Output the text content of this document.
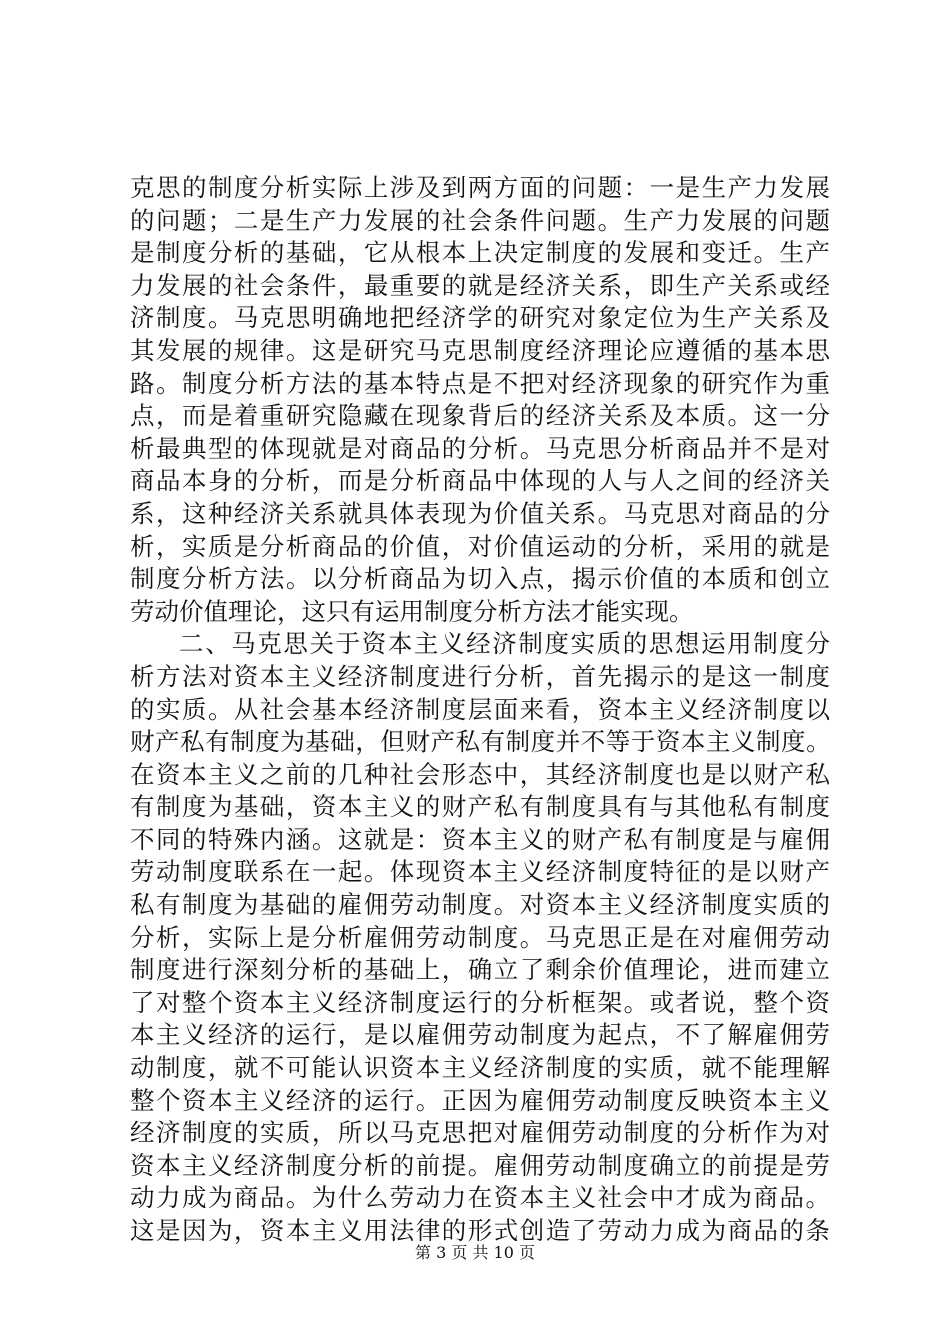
克思的制度分析实际上涉及到两方面的问题：一是生产力发展
的问题；二是生产力发展的社会条件问题。生产力发展的问题
是制度分析的基础，它从根本上决定制度的发展和变迁。生产
力发展的社会条件，最重要的就是经济关系，即生产关系或经
济制度。马克思明确地把经济学的研究对象定位为生产关系及
其发展的规律。这是研究马克思制度经济理论应遵循的基本思
路。制度分析方法的基本特点是不把对经济现象的研究作为重
点，而是着重研究隐藏在现象背后的经济关系及本质。这一分
析最典型的体现就是对商品的分析。马克思分析商品并不是对
商品本身的分析，而是分析商品中体现的人与人之间的经济关
系，这种经济关系就具体表现为价值关系。马克思对商品的分
析，实质是分析商品的价值，对价值运动的分析，采用的就是
制度分析方法。以分析商品为切入点，揭示价值的本质和创立
劳动价值理论，这只有运用制度分析方法才能实现。
二、马克思关于资本主义经济制度实质的思想运用制度分
析方法对资本主义经济制度进行分析，首先揭示的是这一制度
的实质。从社会基本经济制度层面来看，资本主义经济制度以
财产私有制度为基础，但财产私有制度并不等于资本主义制度。
在资本主义之前的几种社会形态中，其经济制度也是以财产私
有制度为基础，资本主义的财产私有制度具有与其他私有制度
不同的特殊内涵。这就是：资本主义的财产私有制度是与雇佣
劳动制度联系在一起。体现资本主义经济制度特征的是以财产
私有制度为基础的雇佣劳动制度。对资本主义经济制度实质的
分析，实际上是分析雇佣劳动制度。马克思正是在对雇佣劳动
制度进行深刻分析的基础上，确立了剩余价值理论，进而建立
了对整个资本主义经济制度运行的分析框架。或者说，整个资
本主义经济的运行，是以雇佣劳动制度为起点，不了解雇佣劳
动制度，就不可能认识资本主义经济制度的实质，就不能理解
整个资本主义经济的运行。正因为雇佣劳动制度反映资本主义
经济制度的实质，所以马克思把对雇佣劳动制度的分析作为对
资本主义经济制度分析的前提。雇佣劳动制度确立的前提是劳
动力成为商品。为什么劳动力在资本主义社会中才成为商品。
这是因为，资本主义用法律的形式创造了劳动力成为商品的条
第 3 页 共 10 页
